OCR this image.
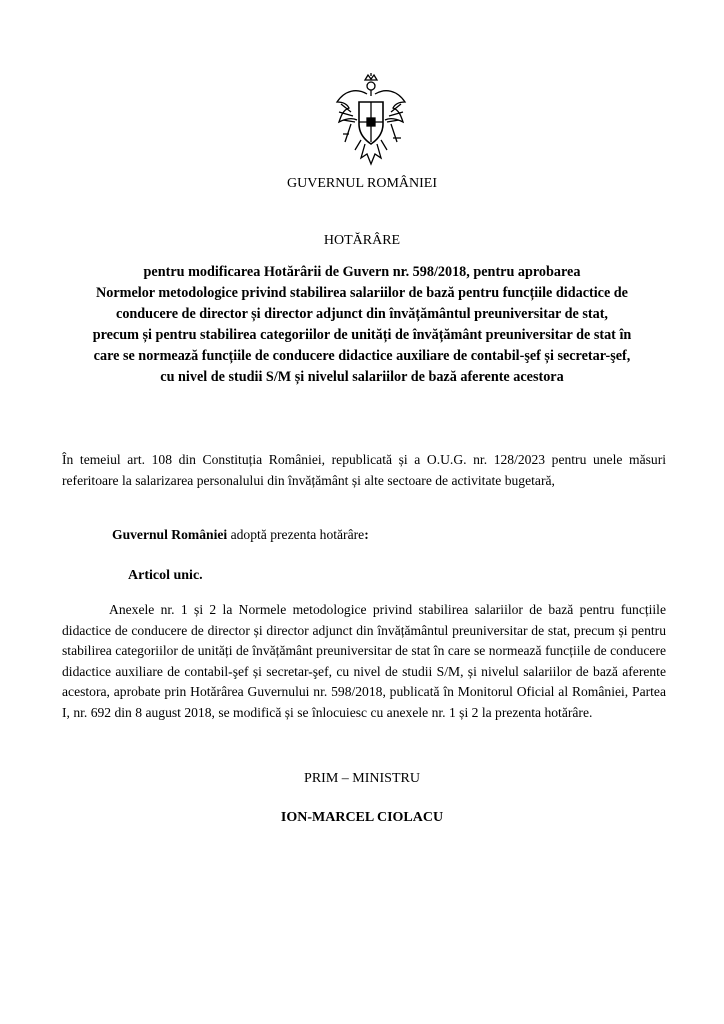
GUVERNUL ROMÂNIEI
HOTĂRÂRE
pentru modificarea Hotărârii de Guvern nr. 598/2018, pentru aprobarea
Normelor metodologice privind stabilirea salariilor de bază pentru funcțiile didactice de
conducere de director și director adjunct din învățământul preuniversitar de stat,
precum și pentru stabilirea categoriilor de unități de învățământ preuniversitar de stat în
care se normează funcțiile de conducere didactice auxiliare de contabil-şef și secretar-şef,
cu nivel de studii S/M și nivelul salariilor de bază aferente acestora
În temeiul art. 108 din Constituția României, republicată și a O.U.G. nr. 128/2023 pentru unele măsuri referitoare la salarizarea personalului din învățământ și alte sectoare de activitate bugetară,
Guvernul României adoptă prezenta hotărâre:
Articol unic.
Anexele nr. 1 și 2 la Normele metodologice privind stabilirea salariilor de bază pentru funcțiile didactice de conducere de director și director adjunct din învățământul preuniversitar de stat, precum și pentru stabilirea categoriilor de unități de învățământ preuniversitar de stat în care se normează funcțiile de conducere didactice auxiliare de contabil-şef și secretar-şef, cu nivel de studii S/M, și nivelul salariilor de bază aferente acestora, aprobate prin Hotărârea Guvernului nr. 598/2018, publicată în Monitorul Oficial al României, Partea I, nr. 692 din 8 august 2018, se modifică și se înlocuiesc cu anexele nr. 1 și 2 la prezenta hotărâre.
PRIM – MINISTRU
ION-MARCEL CIOLACU
